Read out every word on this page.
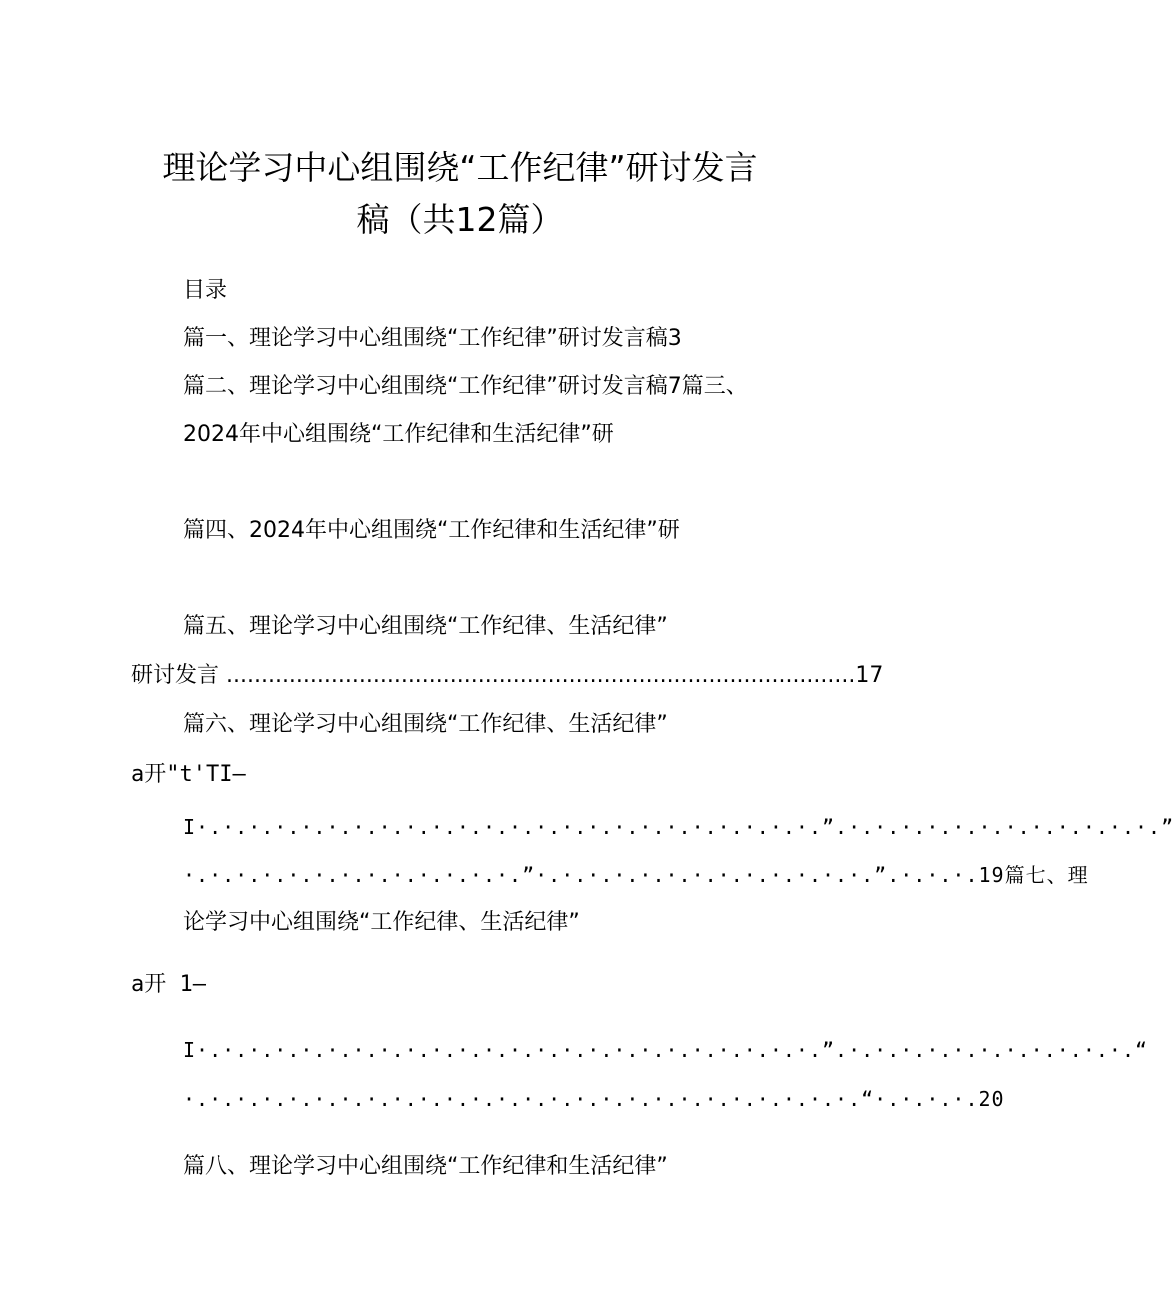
理论学习中心组围绕“工作纪律”研讨发言
稿（共12篇）
目录
篇一、理论学习中心组围绕“工作纪律”研讨发言稿3
篇二、理论学习中心组围绕“工作纪律”研讨发言稿7篇三、
2024年中心组围绕“工作纪律和生活纪律”研
篇四、2024年中心组围绕“工作纪律和生活纪律”研
篇五、理论学习中心组围绕“工作纪律、生活纪律”
研讨发言 ..........................................................................................17
篇六、理论学习中心组围绕“工作纪律、生活纪律”
a开"t'TI—
I·.·.·.·.·.·.·.·.·.·.·.·.·.·.·.·.·.·.·.·.·.·.·.·.”.·.·.·.·.·.·.·.·.·.·.·.·.”
·.·.·.·.·.·.·.·.·.·.·.·.·.”·.·.·.·.·.·.·.·.·.·.·.·.·.”.·.·.·.19篇七、理
论学习中心组围绕“工作纪律、生活纪律”
a开 1—
I·.·.·.·.·.·.·.·.·.·.·.·.·.·.·.·.·.·.·.·.·.·.·.·.”.·.·.·.·.·.·.·.·.·.·.·.“
·.·.·.·.·.·.·.·.·.·.·.·.·.·.·.·.·.·.·.·.·.·.·.·.·.·.“·.·.·.·.20
篇八、理论学习中心组围绕“工作纪律和生活纪律”
